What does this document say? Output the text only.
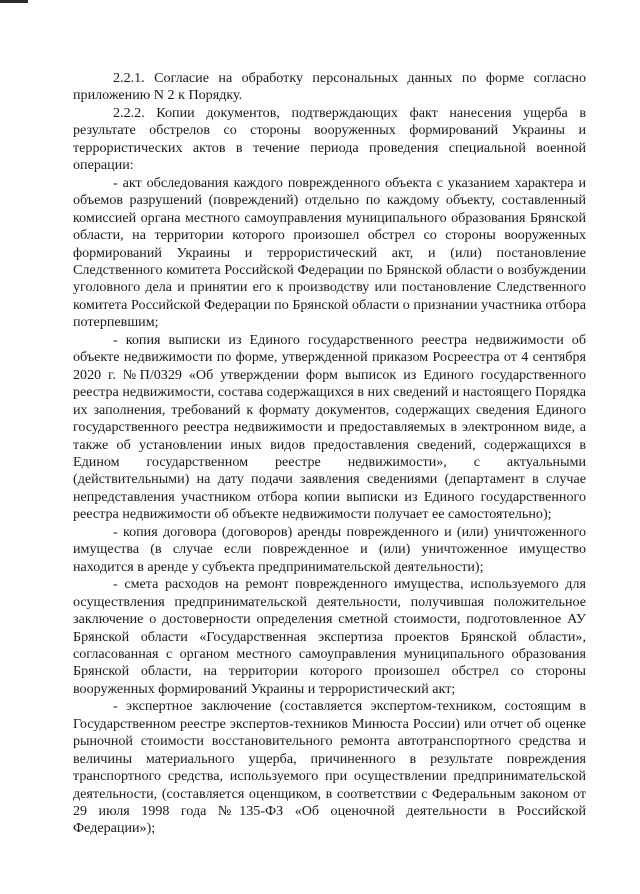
2.2.1. Согласие на обработку персональных данных по форме согласно приложению N 2 к Порядку.

2.2.2. Копии документов, подтверждающих факт нанесения ущерба в результате обстрелов со стороны вооруженных формирований Украины и террористических актов в течение периода проведения специальной военной операции:

- акт обследования каждого поврежденного объекта с указанием характера и объемов разрушений (повреждений) отдельно по каждому объекту, составленный комиссией органа местного самоуправления муниципального образования Брянской области, на территории которого произошел обстрел со стороны вооруженных формирований Украины и террористический акт, и (или) постановление Следственного комитета Российской Федерации по Брянской области о возбуждении уголовного дела и принятии его к производству или постановление Следственного комитета Российской Федерации по Брянской области о признании участника отбора потерпевшим;

- копия выписки из Единого государственного реестра недвижимости об объекте недвижимости по форме, утвержденной приказом Росреестра от 4 сентября 2020 г. №П/0329 «Об утверждении форм выписок из Единого государственного реестра недвижимости, состава содержащихся в них сведений и настоящего Порядка их заполнения, требований к формату документов, содержащих сведения Единого государственного реестра недвижимости и предоставляемых в электронном виде, а также об установлении иных видов предоставления сведений, содержащихся в Едином государственном реестре недвижимости», с актуальными (действительными) на дату подачи заявления сведениями (департамент в случае непредставления участником отбора копии выписки из Единого государственного реестра недвижимости об объекте недвижимости получает ее самостоятельно);

- копия договора (договоров) аренды поврежденного и (или) уничтоженного имущества (в случае если поврежденное и (или) уничтоженное имущество находится в аренде у субъекта предпринимательской деятельности);

- смета расходов на ремонт поврежденного имущества, используемого для осуществления предпринимательской деятельности, получившая положительное заключение о достоверности определения сметной стоимости, подготовленное АУ Брянской области «Государственная экспертиза проектов Брянской области», согласованная с органом местного самоуправления муниципального образования Брянской области, на территории которого произошел обстрел со стороны вооруженных формирований Украины и террористический акт;

- экспертное заключение (составляется экспертом-техником, состоящим в Государственном реестре экспертов-техников Минюста России) или отчет об оценке рыночной стоимости восстановительного ремонта автотранспортного средства и величины материального ущерба, причиненного в результате повреждения транспортного средства, используемого при осуществлении предпринимательской деятельности, (составляется оценщиком, в соответствии с Федеральным законом от 29 июля 1998 года №135-ФЗ «Об оценочной деятельности в Российской Федерации»);
